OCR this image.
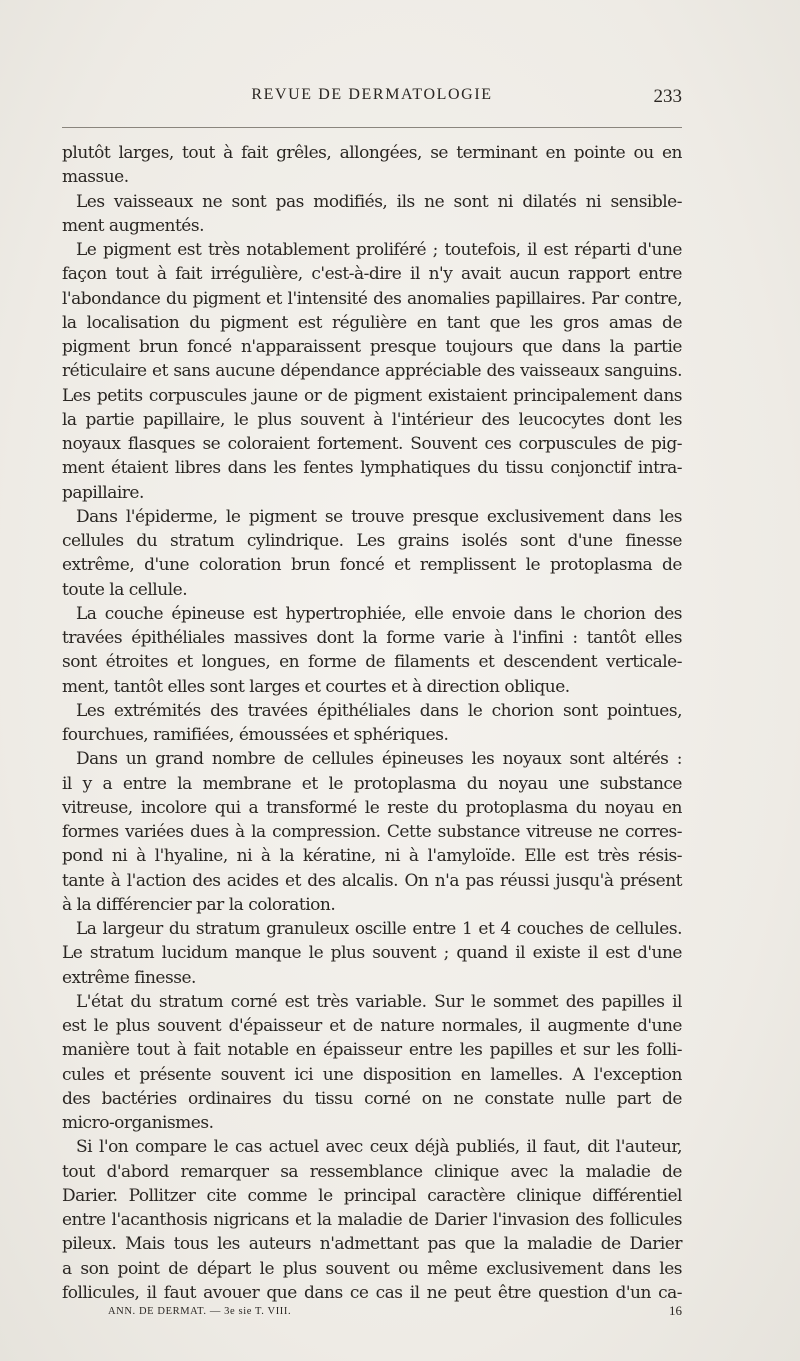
REVUE DE DERMATOLOGIE	233
plutôt larges, tout à fait grêles, allongées, se terminant en pointe ou en
massue.
Les vaisseaux ne sont pas modifiés, ils ne sont ni dilatés ni sensible-
ment augmentés.
Le pigment est très notablement proliféré ; toutefois, il est réparti d'une
façon tout à fait irrégulière, c'est-à-dire il n'y avait aucun rapport entre
l'abondance du pigment et l'intensité des anomalies papillaires. Par contre,
la localisation du pigment est régulière en tant que les gros amas de
pigment brun foncé n'apparaissent presque toujours que dans la partie
réticulaire et sans aucune dépendance appréciable des vaisseaux sanguins.
Les petits corpuscules jaune or de pigment existaient principalement dans
la partie papillaire, le plus souvent à l'intérieur des leucocytes dont les
noyaux flasques se coloraient fortement. Souvent ces corpuscules de pig-
ment étaient libres dans les fentes lymphatiques du tissu conjonctif intra-
papillaire.
Dans l'épiderme, le pigment se trouve presque exclusivement dans les
cellules du stratum cylindrique. Les grains isolés sont d'une finesse
extrême, d'une coloration brun foncé et remplissent le protoplasma de
toute la cellule.
La couche épineuse est hypertrophiée, elle envoie dans le chorion des
travées épithéliales massives dont la forme varie à l'infini : tantôt elles
sont étroites et longues, en forme de filaments et descendent verticale-
ment, tantôt elles sont larges et courtes et à direction oblique.
Les extrémités des travées épithéliales dans le chorion sont pointues,
fourchues, ramifiées, émoussées et sphériques.
Dans un grand nombre de cellules épineuses les noyaux sont altérés :
il y a entre la membrane et le protoplasma du noyau une substance
vitreuse, incolore qui a transformé le reste du protoplasma du noyau en
formes variées dues à la compression. Cette substance vitreuse ne corres-
pond ni à l'hyaline, ni à la kératine, ni à l'amyloïde. Elle est très résis-
tante à l'action des acides et des alcalis. On n'a pas réussi jusqu'à présent
à la différencier par la coloration.
La largeur du stratum granuleux oscille entre 1 et 4 couches de cellules.
Le stratum lucidum manque le plus souvent ; quand il existe il est d'une
extrême finesse.
L'état du stratum corné est très variable. Sur le sommet des papilles il
est le plus souvent d'épaisseur et de nature normales, il augmente d'une
manière tout à fait notable en épaisseur entre les papilles et sur les folli-
cules et présente souvent ici une disposition en lamelles. A l'exception
des bactéries ordinaires du tissu corné on ne constate nulle part de
micro-organismes.
Si l'on compare le cas actuel avec ceux déjà publiés, il faut, dit l'auteur,
tout d'abord remarquer sa ressemblance clinique avec la maladie de
Darier. Pollitzer cite comme le principal caractère clinique différentiel
entre l'acanthosis nigricans et la maladie de Darier l'invasion des follicules
pileux. Mais tous les auteurs n'admettant pas que la maladie de Darier
a son point de départ le plus souvent ou même exclusivement dans les
follicules, il faut avouer que dans ce cas il ne peut être question d'un ca-
ANN. DE DERMAT. — 3e sie T. VIII.	16
